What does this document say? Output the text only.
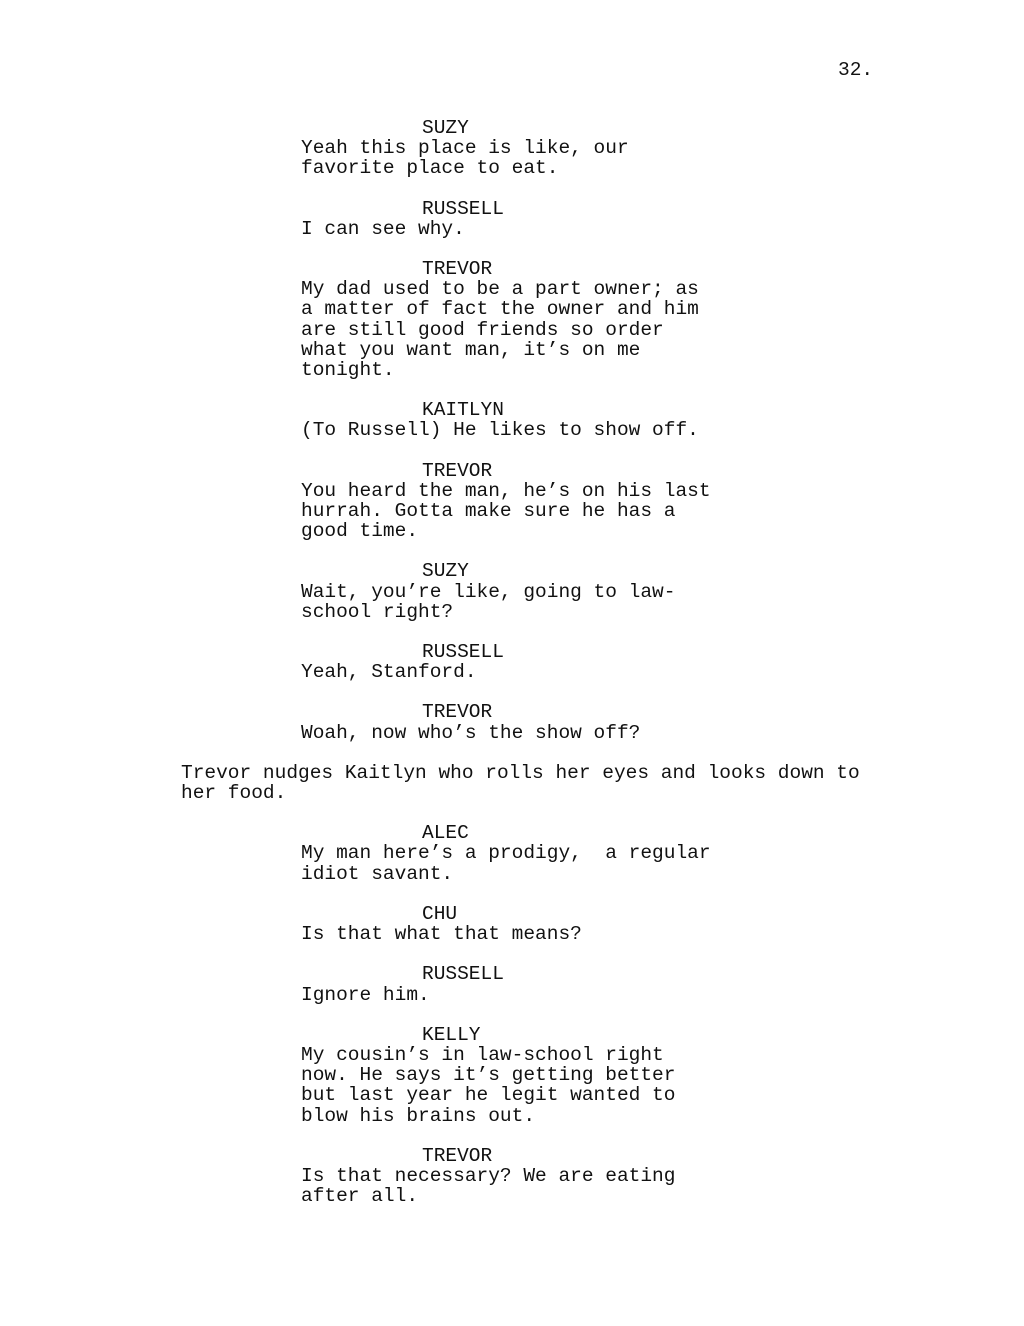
32.
SUZY
Yeah this place is like, our
favorite place to eat.
RUSSELL
I can see why.
TREVOR
My dad used to be a part owner; as
a matter of fact the owner and him
are still good friends so order
what you want man, it’s on me
tonight.
KAITLYN
(To Russell) He likes to show off.
TREVOR
You heard the man, he’s on his last
hurrah. Gotta make sure he has a
good time.
SUZY
Wait, you’re like, going to law-
school right?
RUSSELL
Yeah, Stanford.
TREVOR
Woah, now who’s the show off?
Trevor nudges Kaitlyn who rolls her eyes and looks down to
her food.
ALEC
My man here’s a prodigy,  a regular
idiot savant.
CHU
Is that what that means?
RUSSELL
Ignore him.
KELLY
My cousin’s in law-school right
now. He says it’s getting better
but last year he legit wanted to
blow his brains out.
TREVOR
Is that necessary? We are eating
after all.
